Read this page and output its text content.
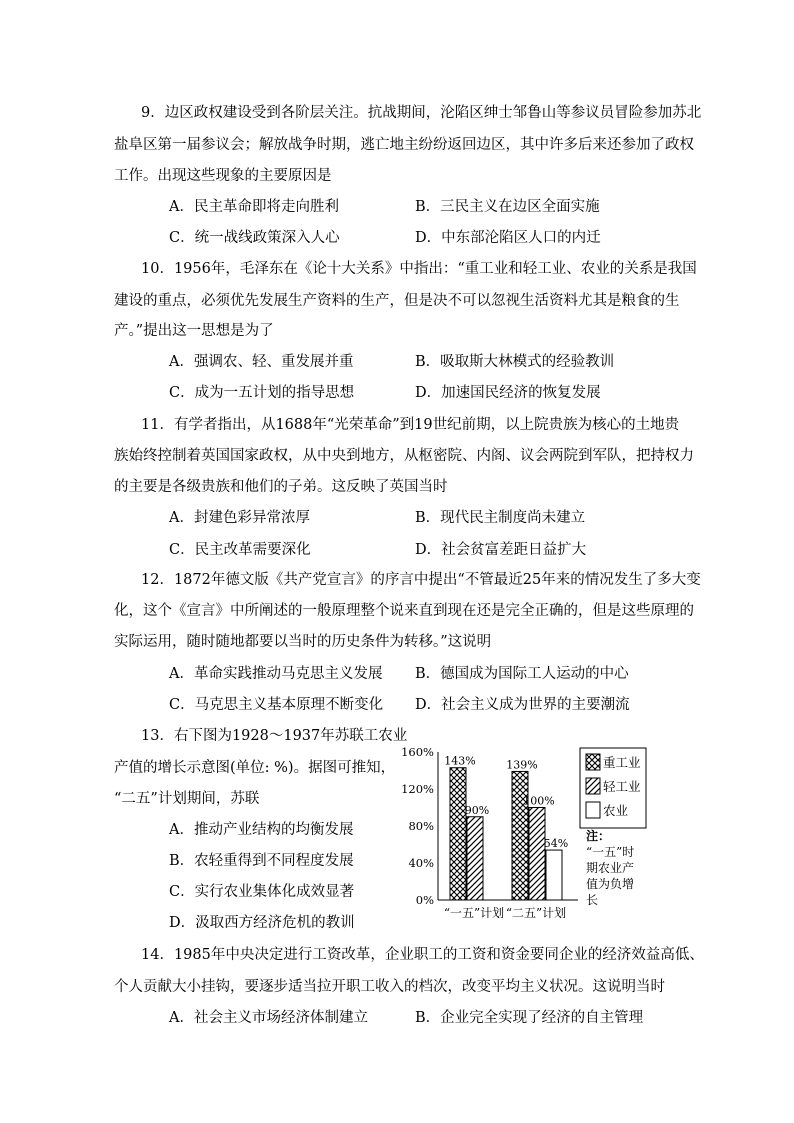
9．边区政权建设受到各阶层关注。抗战期间，沦陷区绅士邹鲁山等参议员冒险参加苏北
盐阜区第一届参议会；解放战争时期，逃亡地主纷纷返回边区，其中许多后来还参加了政权
工作。出现这些现象的主要原因是
A．民主革命即将走向胜利	B．三民主义在边区全面实施
C．统一战线政策深入人心	D．中东部沦陷区人口的内迁
10．1956年，毛泽东在《论十大关系》中指出：“重工业和轻工业、农业的关系是我国
建设的重点，必须优先发展生产资料的生产，但是决不可以忽视生活资料尤其是粮食的生
产。”提出这一思想是为了
A．强调农、轻、重发展并重	B．吸取斯大林模式的经验教训
C．成为一五计划的指导思想	D．加速国民经济的恢复发展
11．有学者指出，从1688年“光荣革命”到19世纪前期，以上院贵族为核心的土地贵
族始终控制着英国国家政权，从中央到地方，从枢密院、内阁、议会两院到军队，把持权力
的主要是各级贵族和他们的子弟。这反映了英国当时
A．封建色彩异常浓厚	B．现代民主制度尚未建立
C．民主改革需要深化	D．社会贫富差距日益扩大
12．1872年德文版《共产党宣言》的序言中提出“不管最近25年来的情况发生了多大变
化，这个《宣言》中所阐述的一般原理整个说来直到现在还是完全正确的，但是这些原理的
实际运用，随时随地都要以当时的历史条件为转移。”这说明
A．革命实践推动马克思主义发展 B．德国成为国际工人运动的中心
C．马克思主义基本原理不断变化 D．社会主义成为世界的主要潮流
13．右下图为1928～1937年苏联工农业
产值的增长示意图(单位: %)。据图可推知，
“二五”计划期间，苏联
A．推动产业结构的均衡发展
B．农轻重得到不同程度发展
C．实行农业集体化成效显著
D．汲取西方经济危机的教训
0%
40%
80%
120%
160%
143%
90%
139%
100%
54%
“一五”计划 “二五”计划
重工业
轻工业
农业
注：
“一五”时
期农业产
值为负增
长
14．1985年中央决定进行工资改革，企业职工的工资和资金要同企业的经济效益高低、
个人贡献大小挂钩，要逐步适当拉开职工收入的档次，改变平均主义状况。这说明当时
A．社会主义市场经济体制建立	B．企业完全实现了经济的自主管理
